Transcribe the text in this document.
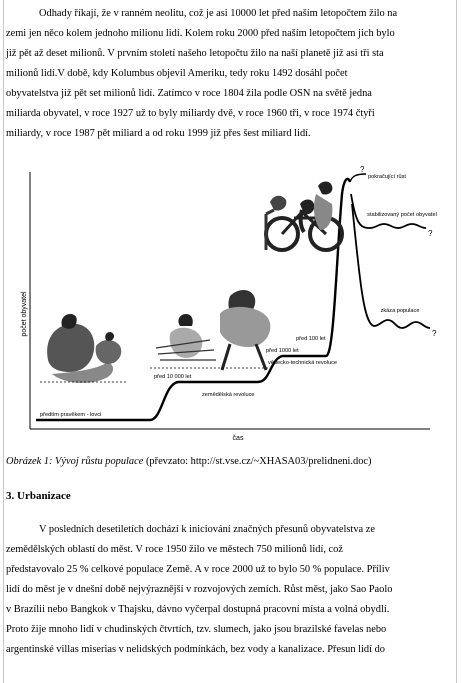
Odhady říkají, že v ranném neolitu, což je asi 10000 let před naším letopočtem žilo na
zemi jen něco kolem jednoho milionu lidí. Kolem roku 2000 před naším letopočtem jich bylo
již pět až deset milionů. V prvním století našeho letopočtu žilo na naší planetě již asi tři sta
milionů lidí.V době, kdy Kolumbus objevil Ameriku, tedy roku 1492 dosáhl počet
obyvatelstva již pět set milionů lidí. Zatímco v roce 1804 žila podle OSN na světě jedna
miliarda obyvatel, v roce 1927 už to byly miliardy dvě, v roce 1960 tři, v roce 1974 čtyři
miliardy, v roce 1987 pět miliard a od roku 1999 již přes šest miliard lidí.

počet obyvatel
čas
předtím pravěkem - lovci
před 10 000 let
zemědělská revoluce
před 1000 let
vědecko-technická revoluce
před 100 let
pokračující růst
stabilizovaný počet obyvatel
zkáza populace
?
?
?
Obrázek 1: Vývoj růstu populace (převzato: http://st.vse.cz/~XHASA03/prelidneni.doc)
3. Urbanizace

V posledních desetiletích dochází k iniciování značných přesunů obyvatelstva ze
zemědělských oblastí do měst. V roce 1950 žilo ve městech 750 milionů lidí, což
představovalo 25 % celkové populace Země. A v roce 2000 už to bylo 50 % populace. Příliv
lidí do měst je v dnešní době nejvýraznější v rozvojových zemích. Růst měst, jako Sao Paolo
v Brazílii nebo Bangkok v Thajsku, dávno vyčerpal dostupná pracovní místa a volná obydlí.
Proto žije mnoho lidí v chudinských čtvrtích, tzv. slumech, jako jsou brazilské favelas nebo
argentinské villas miserias v nelidských podmínkách, bez vody a kanalizace. Přesun lidí do
